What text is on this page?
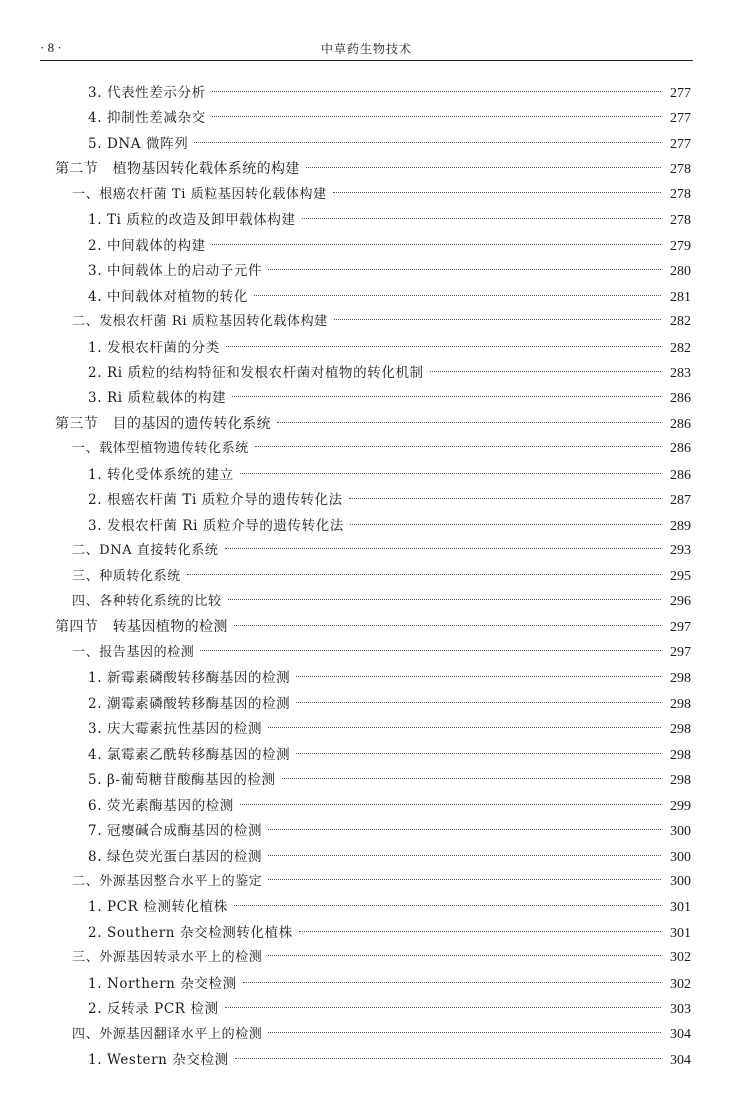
· 8 ·	中草药生物技术
3. 代表性差示分析	277
4. 抑制性差减杂交	277
5. DNA 微阵列	277
第二节　植物基因转化载体系统的构建	278
一、根癌农杆菌 Ti 质粒基因转化载体构建	278
1. Ti 质粒的改造及卸甲载体构建	278
2. 中间载体的构建	279
3. 中间载体上的启动子元件	280
4. 中间载体对植物的转化	281
二、发根农杆菌 Ri 质粒基因转化载体构建	282
1. 发根农杆菌的分类	282
2. Ri 质粒的结构特征和发根农杆菌对植物的转化机制	283
3. Ri 质粒载体的构建	286
第三节　目的基因的遗传转化系统	286
一、载体型植物遗传转化系统	286
1. 转化受体系统的建立	286
2. 根癌农杆菌 Ti 质粒介导的遗传转化法	287
3. 发根农杆菌 Ri 质粒介导的遗传转化法	289
二、DNA 直接转化系统	293
三、种质转化系统	295
四、各种转化系统的比较	296
第四节　转基因植物的检测	297
一、报告基因的检测	297
1. 新霉素磷酸转移酶基因的检测	298
2. 潮霉素磷酸转移酶基因的检测	298
3. 庆大霉素抗性基因的检测	298
4. 氯霉素乙酰转移酶基因的检测	298
5. β-葡萄糖苷酸酶基因的检测	298
6. 荧光素酶基因的检测	299
7. 冠瘿碱合成酶基因的检测	300
8. 绿色荧光蛋白基因的检测	300
二、外源基因整合水平上的鉴定	300
1. PCR 检测转化植株	301
2. Southern 杂交检测转化植株	301
三、外源基因转录水平上的检测	302
1. Northern 杂交检测	302
2. 反转录 PCR 检测	303
四、外源基因翻译水平上的检测	304
1. Western 杂交检测	304
